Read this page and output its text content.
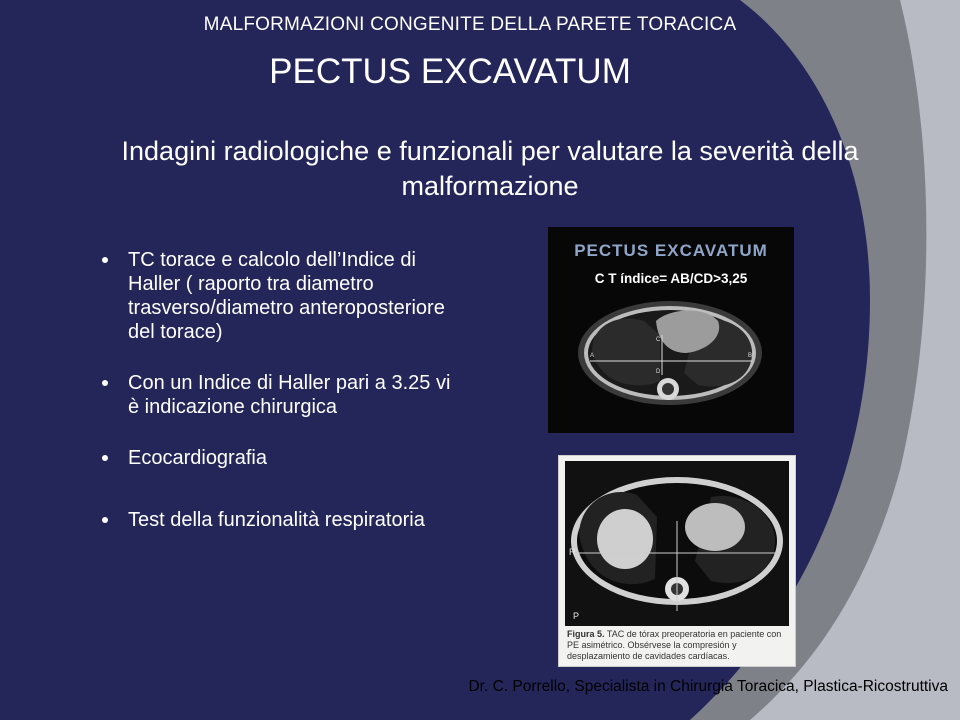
MALFORMAZIONI CONGENITE DELLA PARETE TORACICA
PECTUS EXCAVATUM
Indagini radiologiche e funzionali per valutare la severità della malformazione
TC torace e calcolo dell’Indice di Haller ( raporto tra diametro trasverso/diametro anteroposteriore del torace)
Con un Indice di Haller pari a 3.25 vi è indicazione chirurgica
Ecocardiografia
Test della funzionalità respiratoria
PECTUS EXCAVATUM
C T índice= AB/CD>3,25
A	B
C
D
R
P
Figura 5. TAC de tórax preoperatoria en paciente con PE asimétrico. Obsérvese la compresión y desplazamiento de cavidades cardíacas.
Dr. C. Porrello, Specialista in Chirurgia Toracica, Plastica-Ricostruttiva
